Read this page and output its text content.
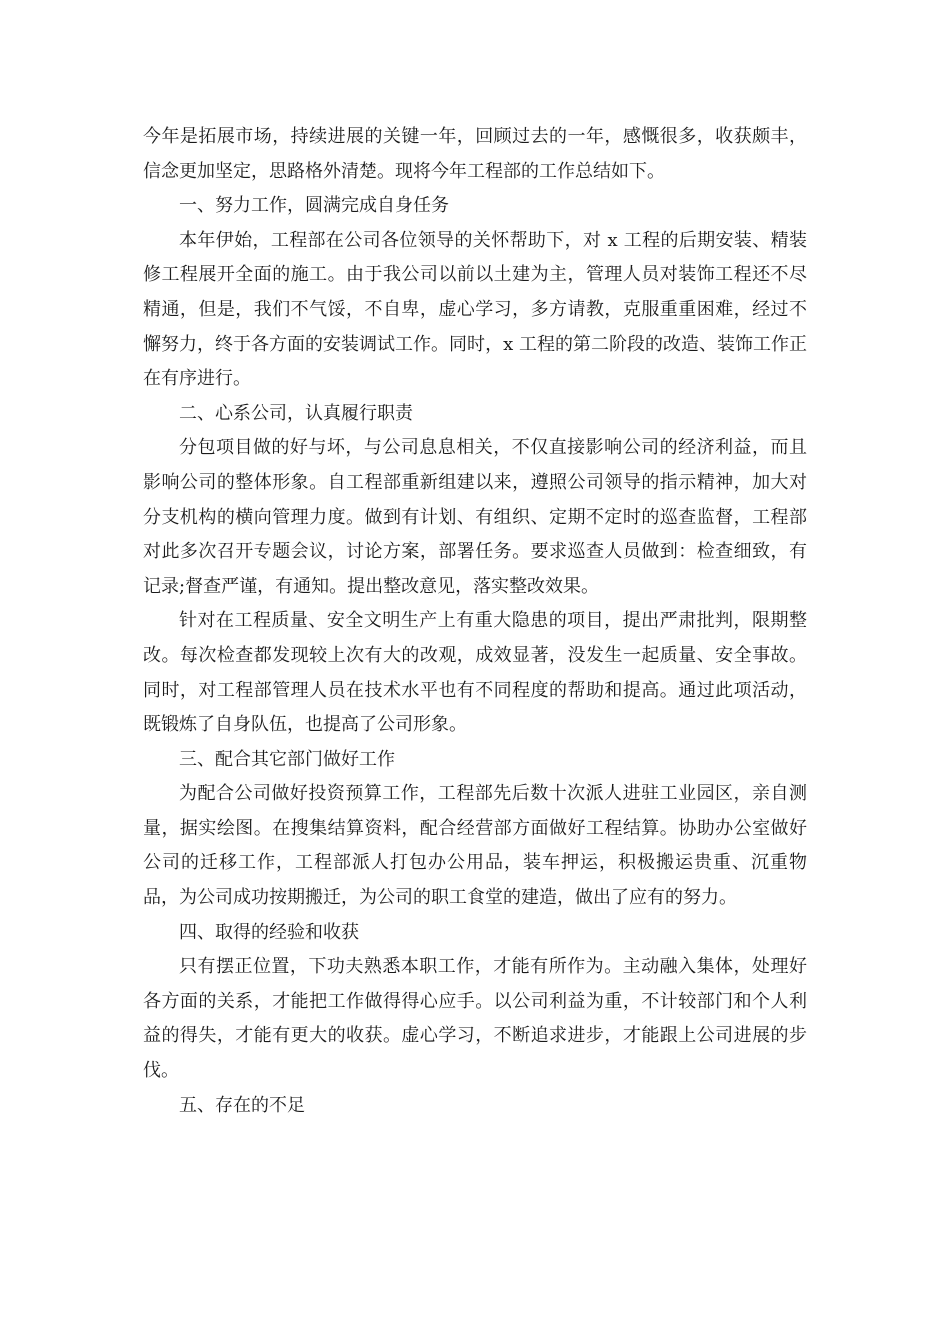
今年是拓展市场，持续进展的关键一年，回顾过去的一年，感慨很多，收获颇丰，信念更加坚定，思路格外清楚。现将今年工程部的工作总结如下。

一、努力工作，圆满完成自身任务

本年伊始，工程部在公司各位领导的关怀帮助下，对 x 工程的后期安装、精装修工程展开全面的施工。由于我公司以前以土建为主，管理人员对装饰工程还不尽精通，但是，我们不气馁，不自卑，虚心学习，多方请教，克服重重困难，经过不懈努力，终于各方面的安装调试工作。同时，x 工程的第二阶段的改造、装饰工作正在有序进行。

二、心系公司，认真履行职责

分包项目做的好与坏，与公司息息相关，不仅直接影响公司的经济利益，而且影响公司的整体形象。自工程部重新组建以来，遵照公司领导的指示精神，加大对分支机构的横向管理力度。做到有计划、有组织、定期不定时的巡查监督，工程部对此多次召开专题会议，讨论方案，部署任务。要求巡查人员做到：检查细致，有记录;督查严谨，有通知。提出整改意见，落实整改效果。

针对在工程质量、安全文明生产上有重大隐患的项目，提出严肃批判，限期整改。每次检查都发现较上次有大的改观，成效显著，没发生一起质量、安全事故。同时，对工程部管理人员在技术水平也有不同程度的帮助和提高。通过此项活动，既锻炼了自身队伍，也提高了公司形象。

三、配合其它部门做好工作

为配合公司做好投资预算工作，工程部先后数十次派人进驻工业园区，亲自测量，据实绘图。在搜集结算资料，配合经营部方面做好工程结算。协助办公室做好公司的迁移工作，工程部派人打包办公用品，装车押运，积极搬运贵重、沉重物品，为公司成功按期搬迁，为公司的职工食堂的建造，做出了应有的努力。

四、取得的经验和收获

只有摆正位置，下功夫熟悉本职工作，才能有所作为。主动融入集体，处理好各方面的关系，才能把工作做得得心应手。以公司利益为重，不计较部门和个人利益的得失，才能有更大的收获。虚心学习，不断追求进步，才能跟上公司进展的步伐。

五、存在的不足
